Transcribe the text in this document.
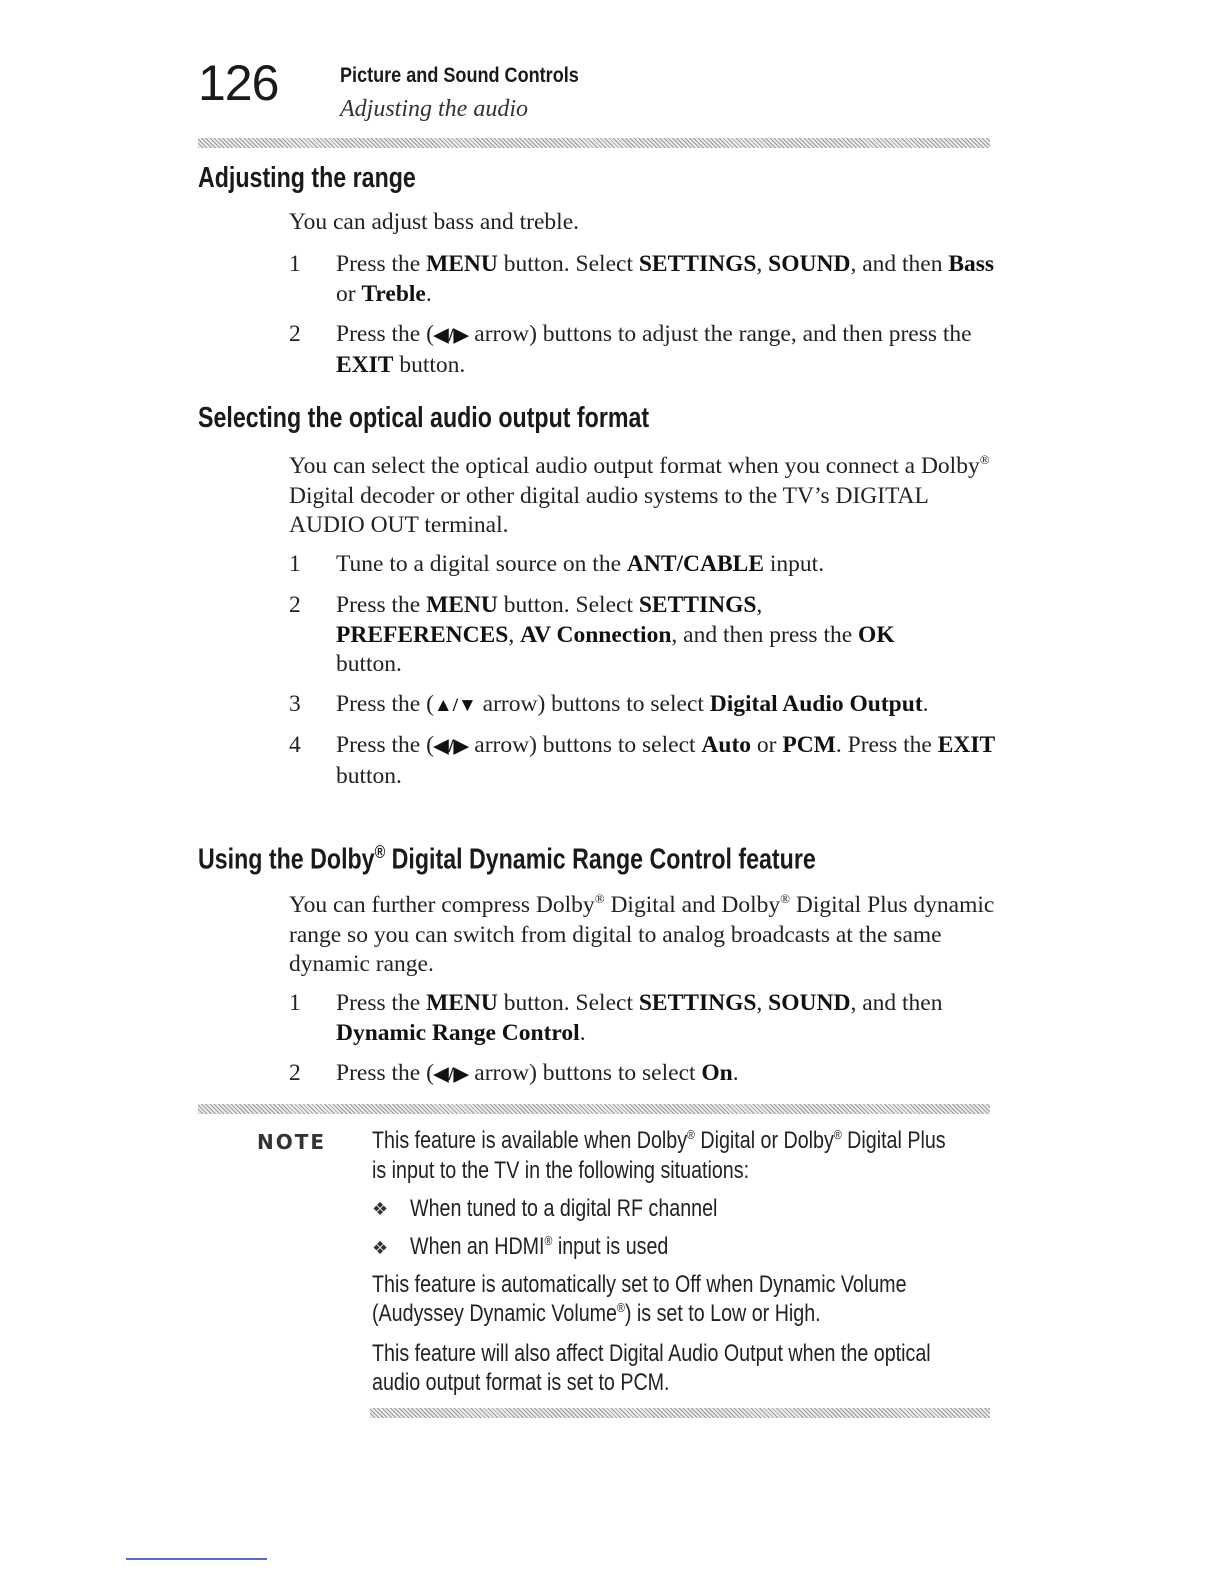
126	Picture and Sound Controls
Adjusting the audio
Adjusting the range
You can adjust bass and treble.
1 Press the MENU button. Select SETTINGS, SOUND, and then Bass or Treble.
2 Press the (◀/▶ arrow) buttons to adjust the range, and then press the EXIT button.
Selecting the optical audio output format
You can select the optical audio output format when you connect a Dolby® Digital decoder or other digital audio systems to the TV’s DIGITAL AUDIO OUT terminal.
1 Tune to a digital source on the ANT/CABLE input.
2 Press the MENU button. Select SETTINGS,
PREFERENCES, AV Connection, and then press the OK
button.
3 Press the (▲/▼ arrow) buttons to select Digital Audio Output.
4 Press the (◀/▶ arrow) buttons to select Auto or PCM. Press the EXIT button.
Using the Dolby® Digital Dynamic Range Control feature
You can further compress Dolby® Digital and Dolby® Digital Plus dynamic range so you can switch from digital to analog broadcasts at the same dynamic range.
1 Press the MENU button. Select SETTINGS, SOUND, and then Dynamic Range Control.
2 Press the (◀/▶ arrow) buttons to select On.
NOTE This feature is available when Dolby® Digital or Dolby® Digital Plus
is input to the TV in the following situations:
❖ When tuned to a digital RF channel
❖ When an HDMI® input is used
This feature is automatically set to Off when Dynamic Volume
(Audyssey Dynamic Volume®) is set to Low or High.
This feature will also affect Digital Audio Output when the optical
audio output format is set to PCM.
